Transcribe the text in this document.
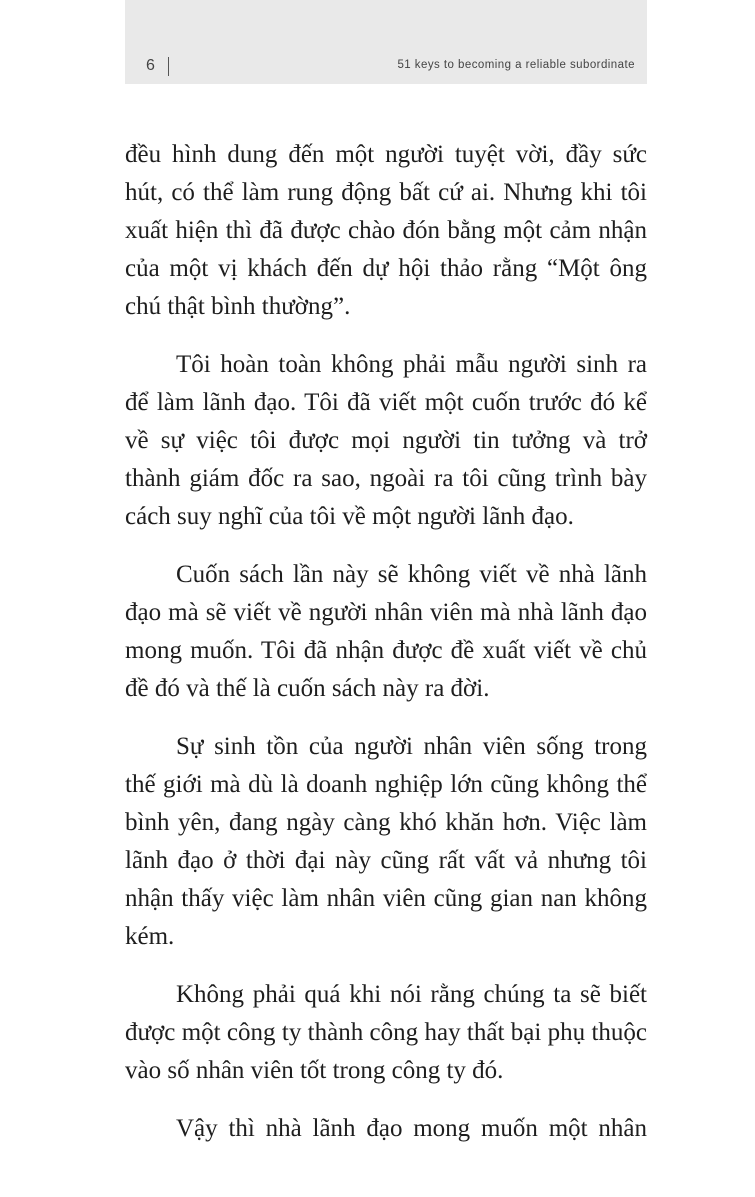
6	51 keys to becoming a reliable subordinate

đều hình dung đến một người tuyệt vời, đầy sức hút, có thể làm rung động bất cứ ai. Nhưng khi tôi xuất hiện thì đã được chào đón bằng một cảm nhận của một vị khách đến dự hội thảo rằng “Một ông chú thật bình thường”.

Tôi hoàn toàn không phải mẫu người sinh ra để làm lãnh đạo. Tôi đã viết một cuốn trước đó kể về sự việc tôi được mọi người tin tưởng và trở thành giám đốc ra sao, ngoài ra tôi cũng trình bày cách suy nghĩ của tôi về một người lãnh đạo.

Cuốn sách lần này sẽ không viết về nhà lãnh đạo mà sẽ viết về người nhân viên mà nhà lãnh đạo mong muốn. Tôi đã nhận được đề xuất viết về chủ đề đó và thế là cuốn sách này ra đời.

Sự sinh tồn của người nhân viên sống trong thế giới mà dù là doanh nghiệp lớn cũng không thể bình yên, đang ngày càng khó khăn hơn. Việc làm lãnh đạo ở thời đại này cũng rất vất vả nhưng tôi nhận thấy việc làm nhân viên cũng gian nan không kém.

Không phải quá khi nói rằng chúng ta sẽ biết được một công ty thành công hay thất bại phụ thuộc vào số nhân viên tốt trong công ty đó.

Vậy thì nhà lãnh đạo mong muốn một nhân
